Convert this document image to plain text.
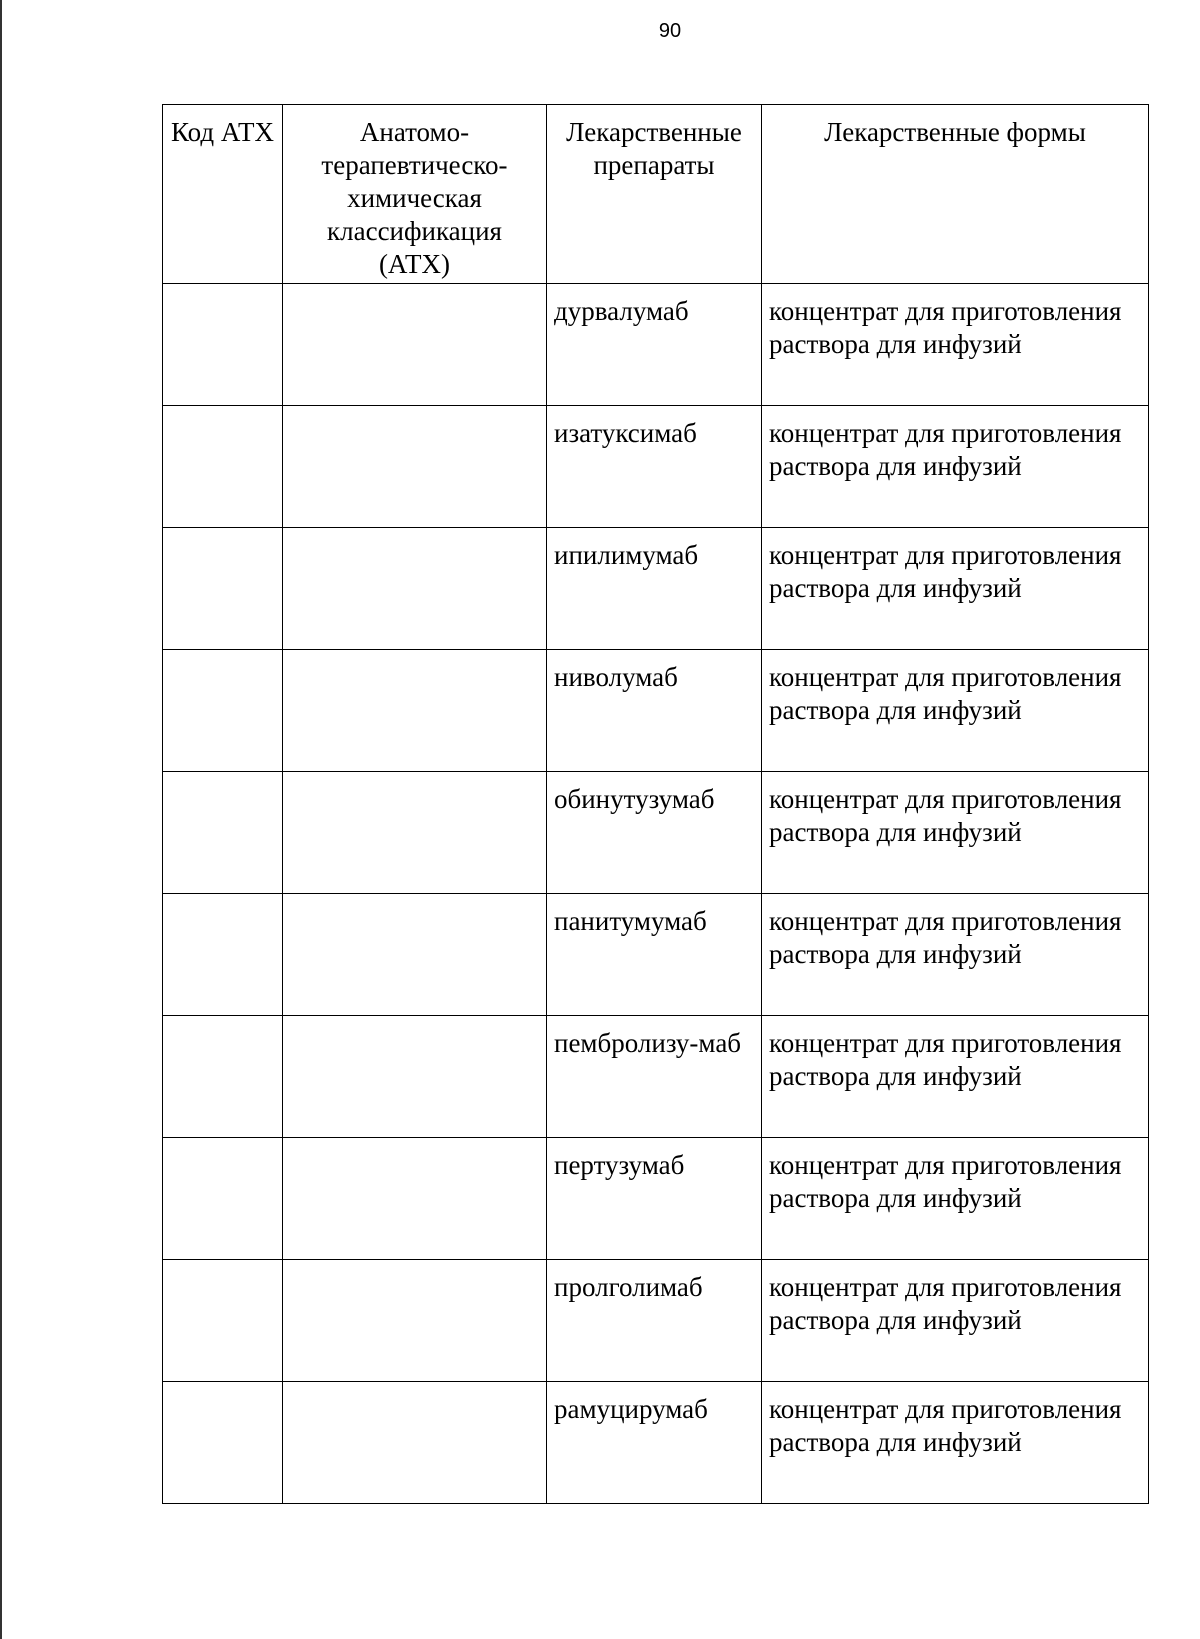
90
Код АТХ	Анатомо-терапевтическо-химическая классификация (АТХ)	Лекарственные препараты	Лекарственные формы
		дурвалумаб	концентрат для приготовления раствора для инфузий
		изатуксимаб	концентрат для приготовления раствора для инфузий
		ипилимумаб	концентрат для приготовления раствора для инфузий
		ниволумаб	концентрат для приготовления раствора для инфузий
		обинутузумаб	концентрат для приготовления раствора для инфузий
		панитумумаб	концентрат для приготовления раствора для инфузий
		пембролизу-маб	концентрат для приготовления раствора для инфузий
		пертузумаб	концентрат для приготовления раствора для инфузий
		пролголимаб	концентрат для приготовления раствора для инфузий
		рамуцирумаб	концентрат для приготовления раствора для инфузий
